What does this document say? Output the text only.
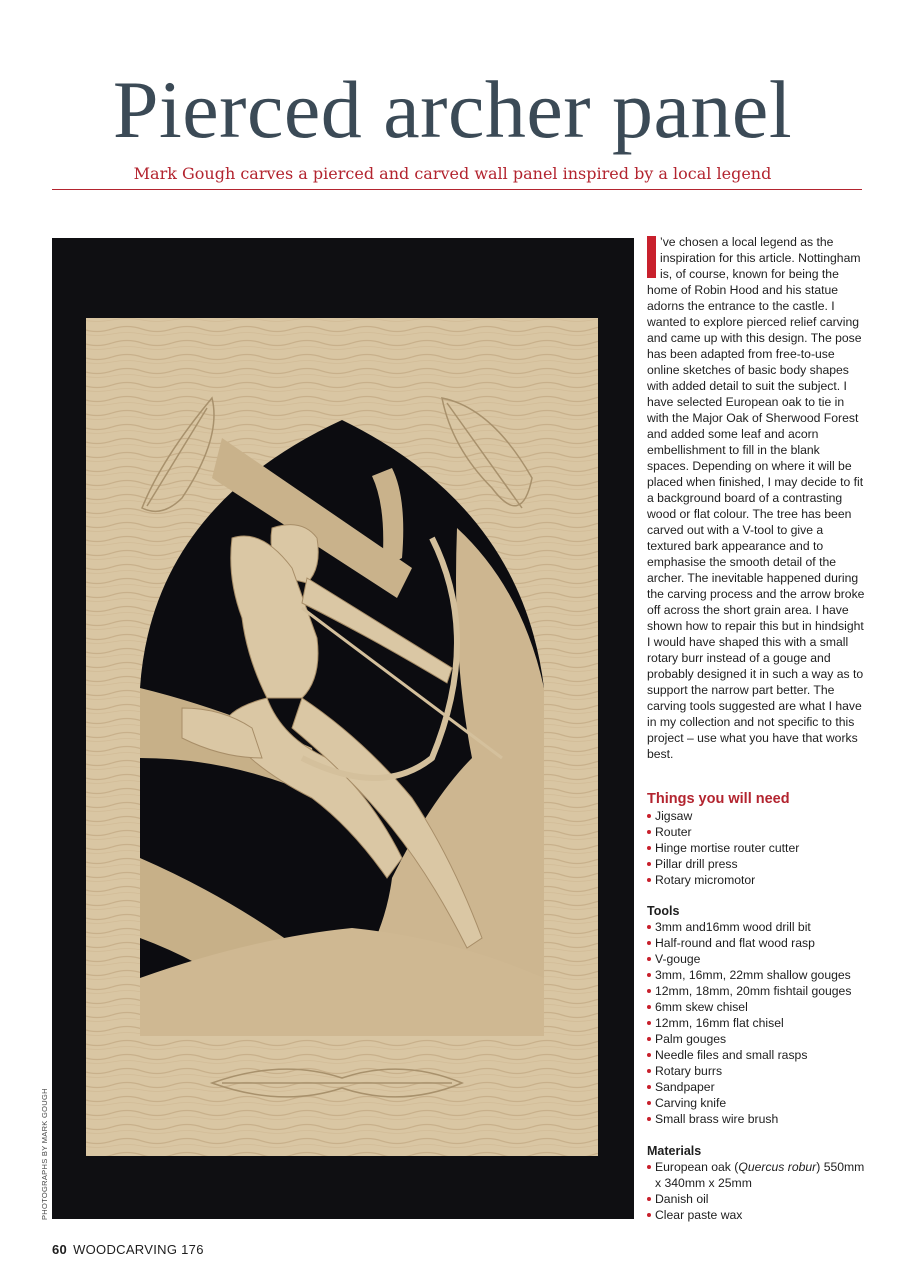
Pierced archer panel
Mark Gough carves a pierced and carved wall panel inspired by a local legend
PHOTOGRAPHS BY MARK GOUGH

’ve chosen a local legend as the inspiration for this article. Nottingham is, of course, known for being the home of Robin Hood and his statue adorns the entrance to the castle. I wanted to explore pierced relief carving and came up with this design. The pose has been adapted from free-to-use online sketches of basic body shapes with added detail to suit the subject. I have selected European oak to tie in with the Major Oak of Sherwood Forest and added some leaf and acorn embellishment to fill in the blank spaces. Depending on where it will be placed when finished, I may decide to fit a background board of a contrasting wood or flat colour. The tree has been carved out with a V-tool to give a textured bark appearance and to emphasise the smooth detail of the archer. The inevitable happened during the carving process and the arrow broke off across the short grain area. I have shown how to repair this but in hindsight I would have shaped this with a small rotary burr instead of a gouge and probably designed it in such a way as to support the narrow part better. The carving tools suggested are what I have in my collection and not specific to this project – use what you have that works best.

Things you will need

Jigsaw
Router
Hinge mortise router cutter
Pillar drill press
Rotary micromotor

Tools

3mm and16mm wood drill bit
Half-round and flat wood rasp
V-gouge
3mm, 16mm, 22mm shallow gouges
12mm, 18mm, 20mm fishtail gouges
6mm skew chisel
12mm, 16mm flat chisel
Palm gouges
Needle files and small rasps
Rotary burrs
Sandpaper
Carving knife
Small brass wire brush

Materials

European oak (Quercus robur) 550mm x 340mm x 25mm
Danish oil
Clear paste wax
60 WOODCARVING 176
